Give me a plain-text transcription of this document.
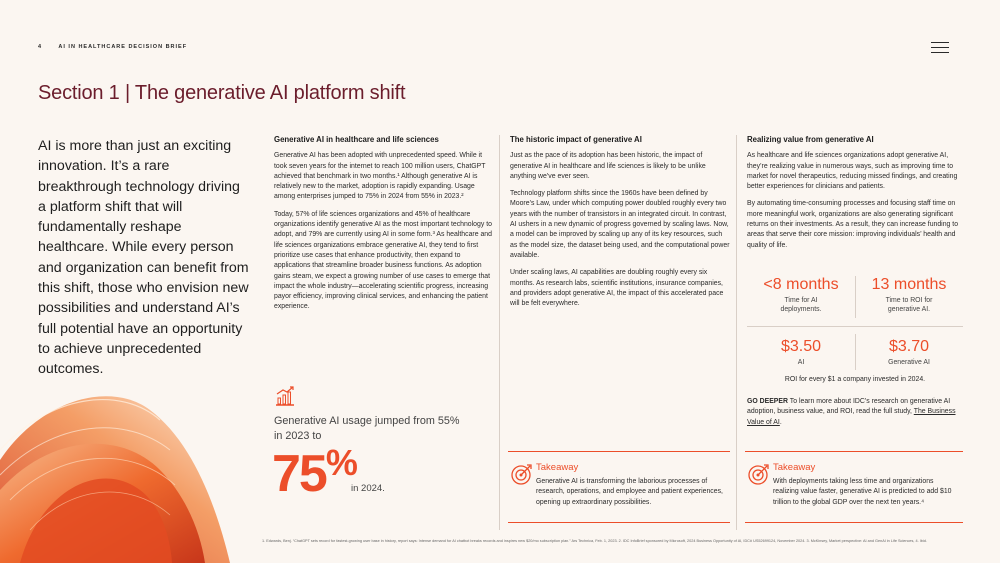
4	AI IN HEALTHCARE DECISION BRIEF
Section 1 | The generative AI platform shift
AI is more than just an exciting innovation. It’s a rare breakthrough technology driving a platform shift that will fundamentally reshape healthcare. While every person and organization can benefit from this shift, those who envision new possibilities and understand AI’s full potential have an opportunity to achieve unprecedented outcomes.
Generative AI in healthcare and life sciences

Generative AI has been adopted with unprecedented speed. While it took seven years for the internet to reach 100 million users, ChatGPT achieved that benchmark in two months.¹ Although generative AI is relatively new to the market, adoption is rapidly expanding. Usage among enterprises jumped to 75% in 2024 from 55% in 2023.²

Today, 57% of life sciences organizations and 45% of healthcare organizations identify generative AI as the most important technology to adopt, and 79% are currently using AI in some form.³ As healthcare and life sciences organizations embrace generative AI, they tend to first prioritize use cases that enhance productivity, then expand to applications that streamline broader business functions. As adoption gains steam, we expect a growing number of use cases to emerge that impact the whole industry—accelerating scientific progress, increasing payor efficiency, improving clinical services, and enhancing the patient experience.

Generative AI usage jumped from 55% in 2023 to
75%
in 2024.
The historic impact of generative AI

Just as the pace of its adoption has been historic, the impact of generative AI in healthcare and life sciences is likely to be unlike anything we’ve ever seen.

Technology platform shifts since the 1960s have been defined by Moore’s Law, under which computing power doubled roughly every two years with the number of transistors in an integrated circuit. In contrast, AI ushers in a new dynamic of progress governed by scaling laws. Now, a model can be improved by scaling up any of its key resources, such as the model size, the dataset being used, and the computational power available.

Under scaling laws, AI capabilities are doubling roughly every six months. As research labs, scientific institutions, insurance companies, and providers adopt generative AI, the impact of this accelerated pace will be felt everywhere.

Takeaway
Generative AI is transforming the laborious processes of research, operations, and employee and patient experiences, opening up extraordinary possibilities.
Realizing value from generative AI

As healthcare and life sciences organizations adopt generative AI, they’re realizing value in numerous ways, such as improving time to market for novel therapeutics, reducing missed findings, and creating better experiences for clinicians and patients.

By automating time-consuming processes and focusing staff time on more meaningful work, organizations are also generating significant returns on their investments. As a result, they can increase funding to areas that serve their core mission: improving individuals’ health and quality of life.

<8 months
Time for AI deployments.
13 months
Time to ROI for generative AI.
$3.50
AI
$3.70
Generative AI
ROI for every $1 a company invested in 2024.
GO DEEPER To learn more about IDC’s research on generative AI adoption, business value, and ROI, read the full study, The Business Value of AI.
Takeaway
With deployments taking less time and organizations realizing value faster, generative AI is predicted to add $10 trillion to the global GDP over the next ten years.⁴
1. Edwards, Benj. “ChatGPT sets record for fastest-growing user base in history, report says: Intense demand for AI chatbot breaks records and inspires new $20/mo subscription plan.” Ars Technica, Feb. 1, 2023. 2. IDC InfoBrief sponsored by Microsoft, 2024 Business Opportunity of AI, IDC# US52699124, November 2024. 3. McKinsey, Market perspective: AI and GenAI in Life Sciences, 4. Ibid.
